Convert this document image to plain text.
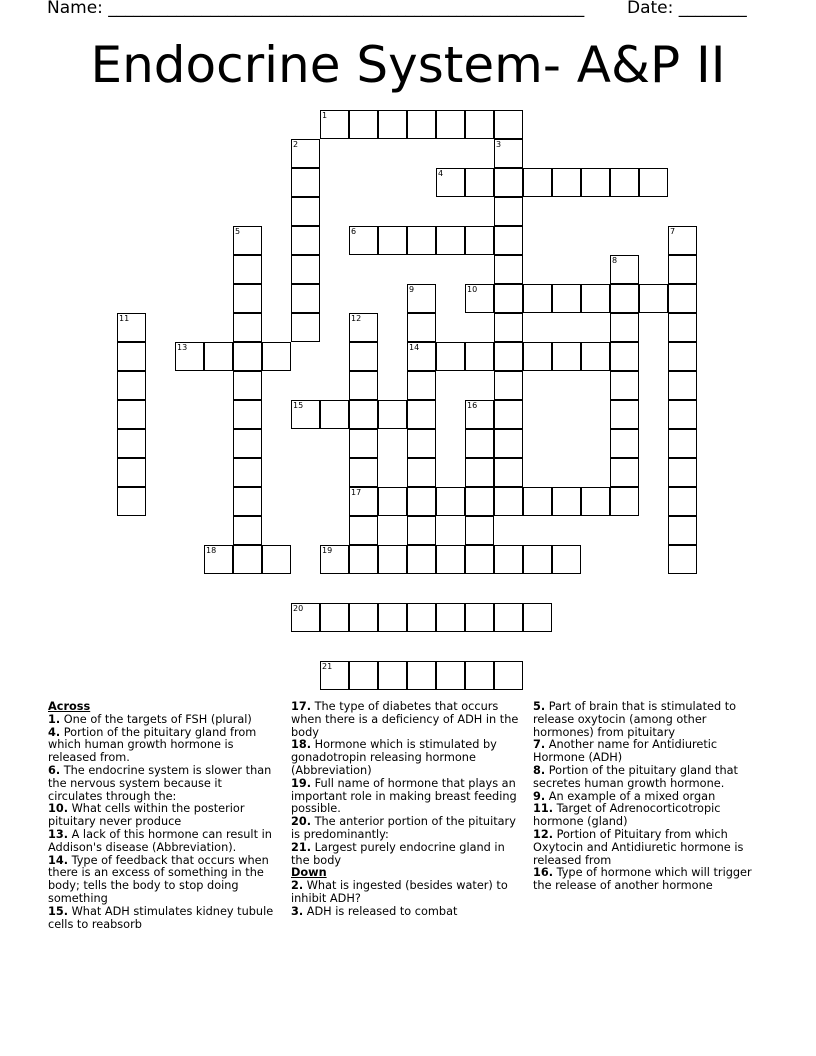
Name: ________________________________________________________	Date: ________
Endocrine System- A&P II
1
2	3
4
5	6	7
8
9
14
10
11	12
17
13
15	16
18	19
20
21
Across

1. One of the targets of FSH (plural)

4. Portion of the pituitary gland from which human growth hormone is released from.

6. The endocrine system is slower than the nervous system because it circulates through the:

10. What cells within the posterior pituitary never produce

13. A lack of this hormone can result in Addison's disease (Abbreviation).

14. Type of feedback that occurs when there is an excess of something in the body; tells the body to stop doing something

15. What ADH stimulates kidney tubule cells to reabsorb

17. The type of diabetes that occurs when there is a deficiency of ADH in the body

18. Hormone which is stimulated by gonadotropin releasing hormone (Abbreviation)

19. Full name of hormone that plays an important role in making breast feeding possible.

20. The anterior portion of the pituitary is predominantly:

21. Largest purely endocrine gland in the body

Down

2. What is ingested (besides water) to inhibit ADH?

3. ADH is released to combat

5. Part of brain that is stimulated to release oxytocin (among other hormones) from pituitary

7. Another name for Antidiuretic Hormone (ADH)

8. Portion of the pituitary gland that secretes human growth hormone.

9. An example of a mixed organ

11. Target of Adrenocorticotropic hormone (gland)

12. Portion of Pituitary from which Oxytocin and Antidiuretic hormone is released from

16. Type of hormone which will trigger the release of another hormone
